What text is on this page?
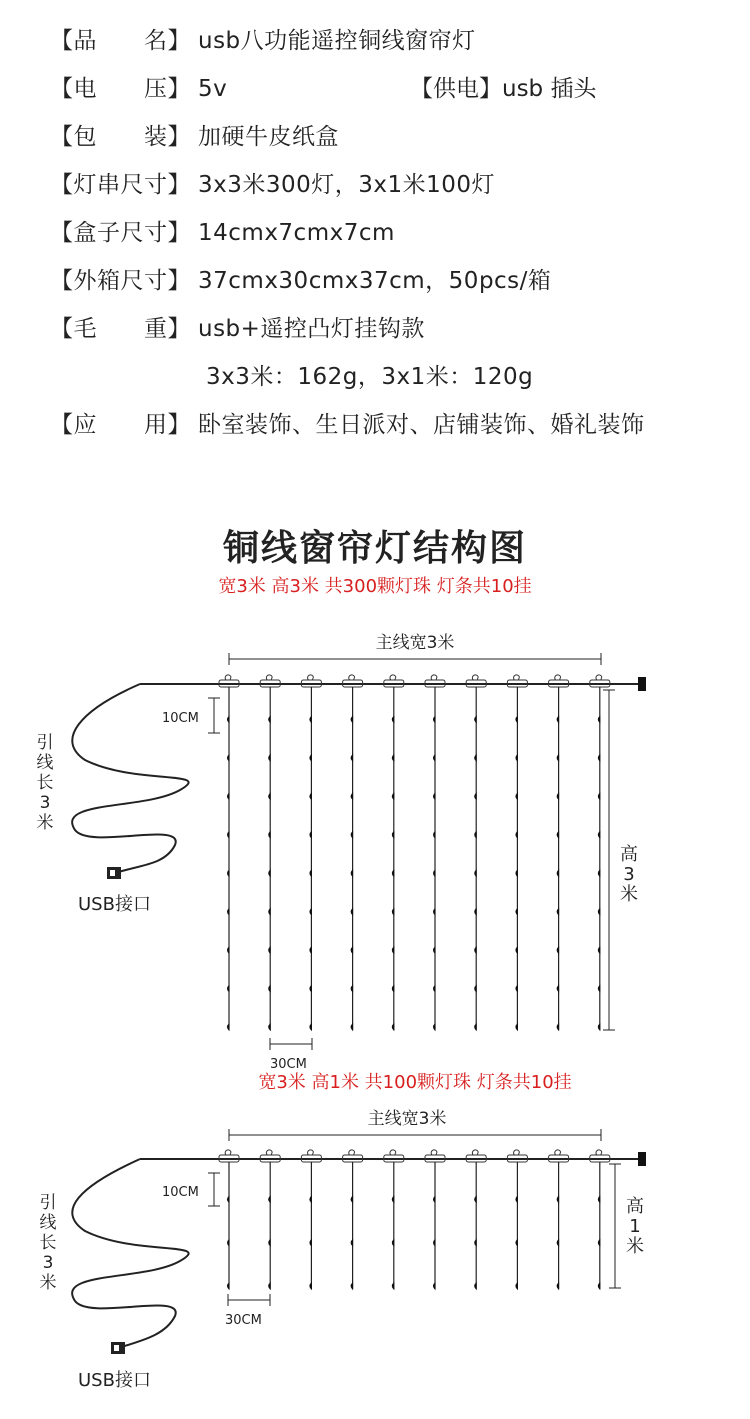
【品　　名】 usb八功能遥控铜线窗帘灯
【电　　压】 5v	【供电】usb 插头
【包　　装】 加硬牛皮纸盒
【灯串尺寸】 3x3米300灯，3x1米100灯
【盒子尺寸】 14cmx7cmx7cm
【外箱尺寸】 37cmx30cmx37cm，50pcs/箱
【毛　　重】 usb+遥控凸灯挂钩款
3x3米：162g，3x1米：120g
【应　　用】 卧室装饰、生日派对、店铺装饰、婚礼装饰
铜线窗帘灯结构图
宽3米 高3米 共300颗灯珠 灯条共10挂
主线宽3米
USB接口
引
线
长
3
米
10CM
高
3
米
30CM
宽3米 高1米 共100颗灯珠 灯条共10挂
主线宽3米
USB接口
引
线
长
3
米
10CM
高
1
米
30CM
